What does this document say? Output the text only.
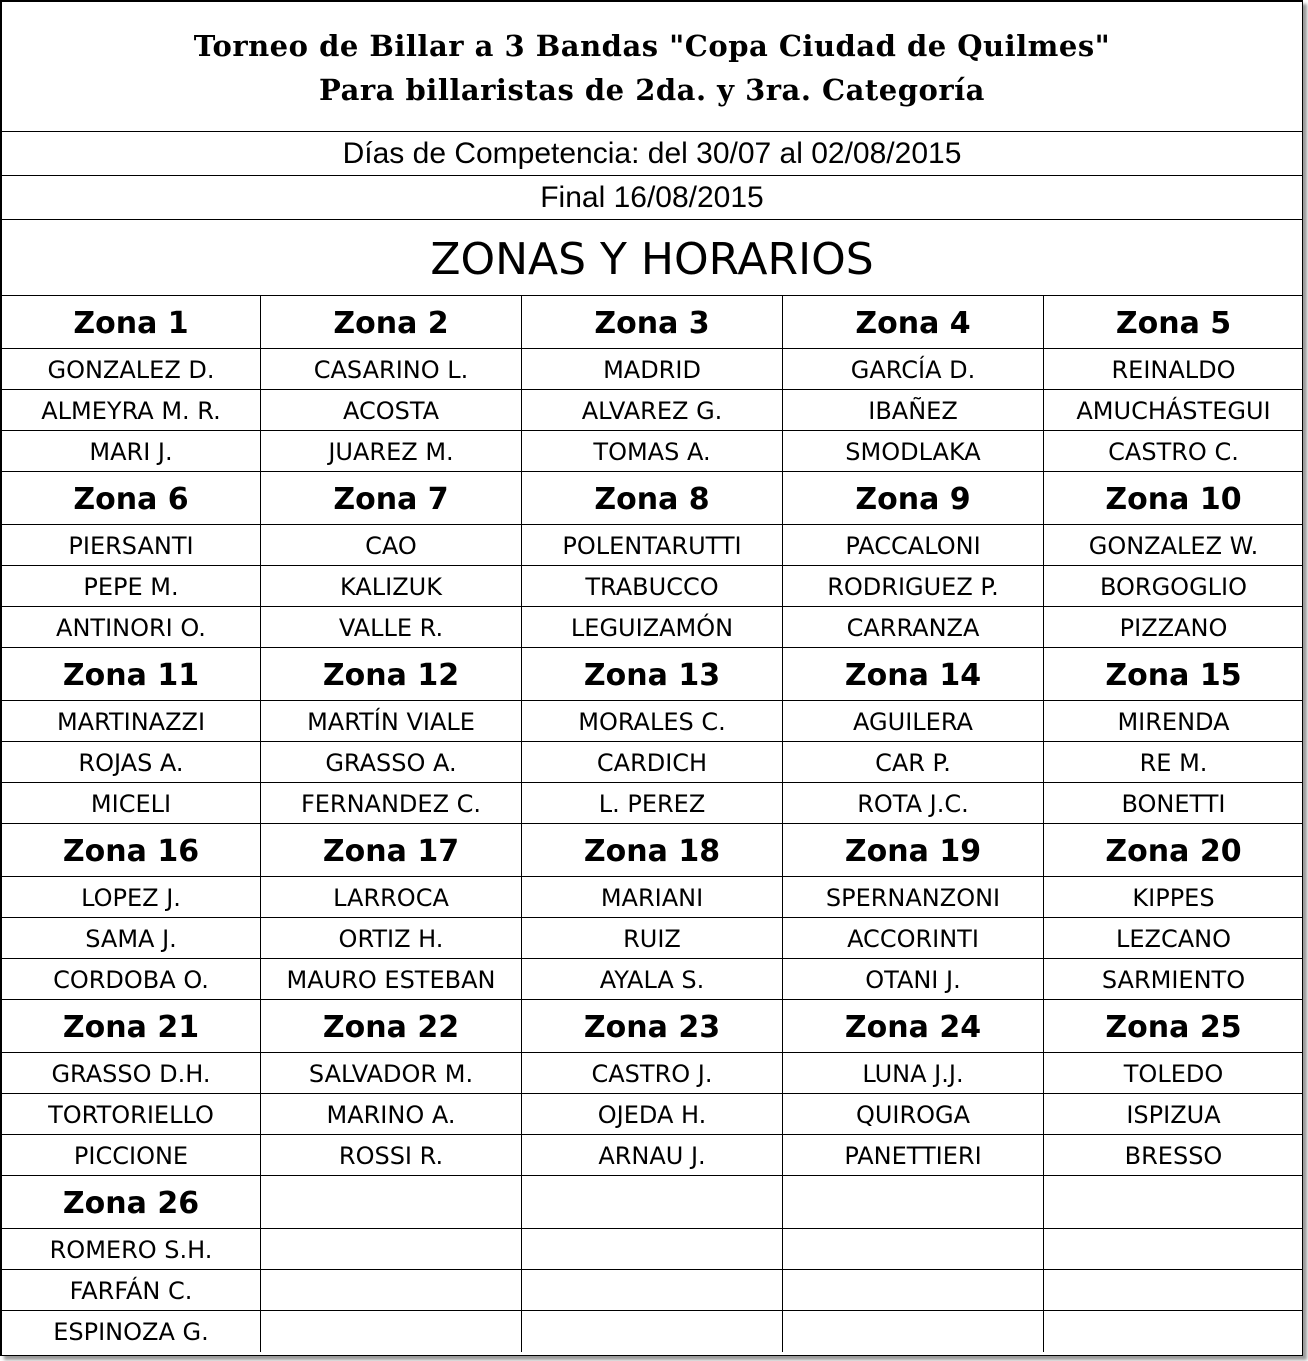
Torneo de Billar a 3 Bandas "Copa Ciudad de Quilmes"
Para billaristas de 2da. y 3ra. Categoría
Días de Competencia: del 30/07 al 02/08/2015
Final 16/08/2015
ZONAS Y HORARIOS
Zona 1	Zona 2	Zona 3	Zona 4	Zona 5
GONZALEZ D.	CASARINO L.	MADRID	GARCÍA D.	REINALDO
ALMEYRA M. R.	ACOSTA	ALVAREZ G.	IBAÑEZ	AMUCHÁSTEGUI
MARI J.	JUAREZ M.	TOMAS A.	SMODLAKA	CASTRO C.
Zona 6	Zona 7	Zona 8	Zona 9	Zona 10
PIERSANTI	CAO	POLENTARUTTI	PACCALONI	GONZALEZ W.
PEPE M.	KALIZUK	TRABUCCO	RODRIGUEZ P.	BORGOGLIO
ANTINORI O.	VALLE R.	LEGUIZAMÓN	CARRANZA	PIZZANO
Zona 11	Zona 12	Zona 13	Zona 14	Zona 15
MARTINAZZI	MARTÍN VIALE	MORALES C.	AGUILERA	MIRENDA
ROJAS A.	GRASSO A.	CARDICH	CAR P.	RE M.
MICELI	FERNANDEZ C.	L. PEREZ	ROTA J.C.	BONETTI
Zona 16	Zona 17	Zona 18	Zona 19	Zona 20
LOPEZ J.	LARROCA	MARIANI	SPERNANZONI	KIPPES
SAMA J.	ORTIZ H.	RUIZ	ACCORINTI	LEZCANO
CORDOBA O.	MAURO ESTEBAN	AYALA S.	OTANI J.	SARMIENTO
Zona 21	Zona 22	Zona 23	Zona 24	Zona 25
GRASSO D.H.	SALVADOR M.	CASTRO J.	LUNA J.J.	TOLEDO
TORTORIELLO	MARINO A.	OJEDA H.	QUIROGA	ISPIZUA
PICCIONE	ROSSI R.	ARNAU J.	PANETTIERI	BRESSO
Zona 26
ROMERO S.H.
FARFÁN C.
ESPINOZA G.
